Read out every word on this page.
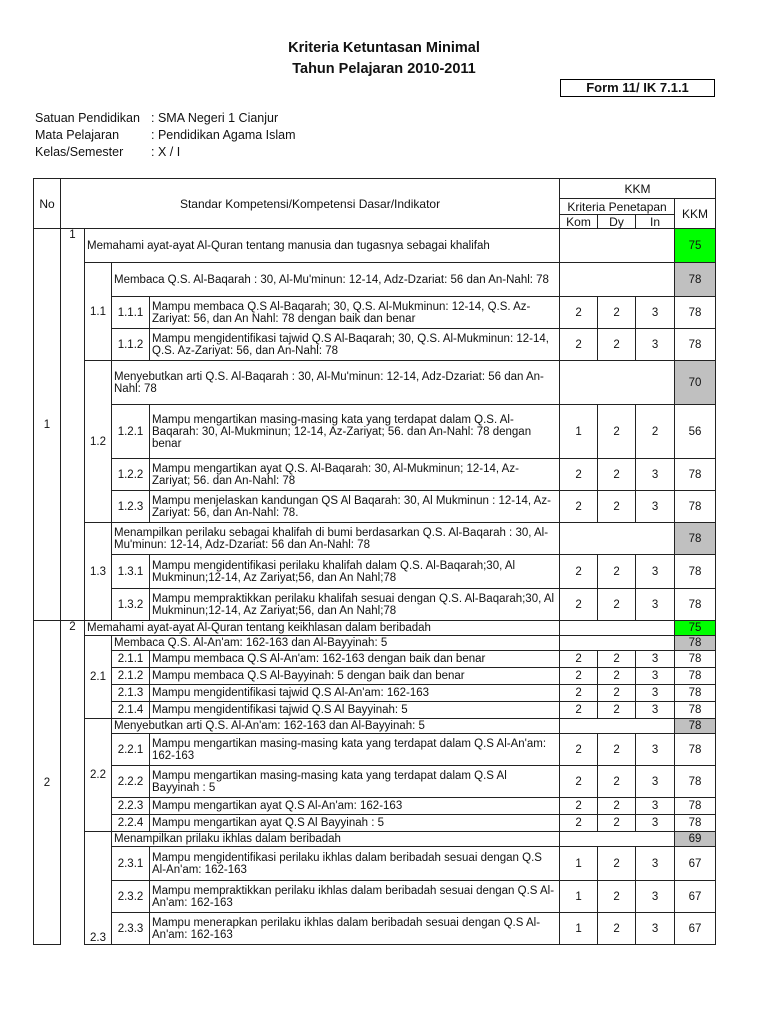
Kriteria Ketuntasan Minimal
Tahun Pelajaran 2010-2011
Form 11/ IK 7.1.1
Satuan Pendidikan : SMA Negeri 1 Cianjur
Mata Pelajaran	: Pendidikan Agama Islam
Kelas/Semester : X / I
No	Standar Kompetensi/Kompetensi Dasar/Indikator				KKM			
					Kriteria Penetapan			KKM
					Kom	Dy	In	
1	1	Memahami ayat-ayat Al-Quran tentang manusia dan tugasnya sebagai khalifah						75
		1.1	Membaca Q.S. Al-Baqarah : 30, Al-Mu'minun: 12-14, Adz-Dzariat: 56 dan An-Nahl: 78					78
			1.1.1	Mampu membaca Q.S Al-Baqarah; 30, Q.S. Al-Mukminun: 12-14, Q.S. Az-Zariyat: 56, dan An Nahl: 78 dengan baik dan benar	2	2	3	78
			1.1.2	Mampu mengidentifikasi tajwid Q.S Al-Baqarah; 30, Q.S. Al-Mukminun: 12-14, Q.S. Az-Zariyat: 56, dan An-Nahl: 78	2	2	3	78
		1.2	Menyebutkan arti Q.S. Al-Baqarah : 30, Al-Mu'minun: 12-14, Adz-Dzariat: 56 dan An-Nahl: 78					70
			1.2.1	Mampu mengartikan masing-masing kata yang terdapat dalam Q.S. Al-Baqarah: 30, Al-Mukminun; 12-14, Az-Zariyat; 56. dan An-Nahl: 78 dengan benar	1	2	2	56
			1.2.2	Mampu mengartikan ayat Q.S. Al-Baqarah: 30, Al-Mukminun; 12-14, Az-Zariyat; 56. dan An-Nahl: 78	2	2	3	78
			1.2.3	Mampu menjelaskan kandungan QS Al Baqarah: 30, Al Mukminun : 12-14, Az-Zariyat: 56, dan An-Nahl: 78.	2	2	3	78
		1.3	Menampilkan perilaku sebagai khalifah di bumi berdasarkan Q.S. Al-Baqarah : 30, Al-Mu'minun: 12-14, Adz-Dzariat: 56 dan An-Nahl: 78					78
			1.3.1	Mampu mengidentifikasi perilaku khalifah dalam Q.S. Al-Baqarah;30, Al Mukminun;12-14, Az Zariyat;56, dan An Nahl;78	2	2	3	78
			1.3.2	Mampu mempraktikkan perilaku khalifah sesuai dengan Q.S. Al-Baqarah;30, Al Mukminun;12-14, Az Zariyat;56, dan An Nahl;78	2	2	3	78
2	2	Memahami ayat-ayat Al-Quran tentang keikhlasan dalam beribadah						75
		2.1	Membaca Q.S. Al-An'am: 162-163 dan Al-Bayyinah: 5					78
			2.1.1	Mampu membaca Q.S Al-An'am: 162-163 dengan baik dan benar	2	2	3	78
			2.1.2	Mampu membaca Q.S Al-Bayyinah: 5 dengan baik dan benar	2	2	3	78
			2.1.3	Mampu mengidentifikasi tajwid Q.S Al-An'am: 162-163	2	2	3	78
			2.1.4	Mampu mengidentifikasi tajwid Q.S Al Bayyinah: 5	2	2	3	78
		2.2	Menyebutkan arti Q.S. Al-An'am: 162-163 dan Al-Bayyinah: 5					78
			2.2.1	Mampu mengartikan masing-masing kata yang terdapat dalam Q.S Al-An'am: 162-163	2	2	3	78
			2.2.2	Mampu mengartikan masing-masing kata yang terdapat dalam Q.S Al Bayyinah : 5	2	2	3	78
			2.2.3	Mampu mengartikan ayat Q.S Al-An'am: 162-163	2	2	3	78
			2.2.4	Mampu mengartikan ayat Q.S Al Bayyinah : 5	2	2	3	78
		2.3	Menampilkan prilaku ikhlas dalam beribadah					69
			2.3.1	Mampu mengidentifikasi perilaku ikhlas dalam beribadah sesuai dengan Q.S Al-An'am: 162-163	1	2	3	67
			2.3.2	Mampu mempraktikkan perilaku ikhlas dalam beribadah sesuai dengan Q.S Al-An'am: 162-163	1	2	3	67
			2.3.3	Mampu menerapkan perilaku ikhlas dalam beribadah sesuai dengan Q.S Al-An'am: 162-163	1	2	3	67
